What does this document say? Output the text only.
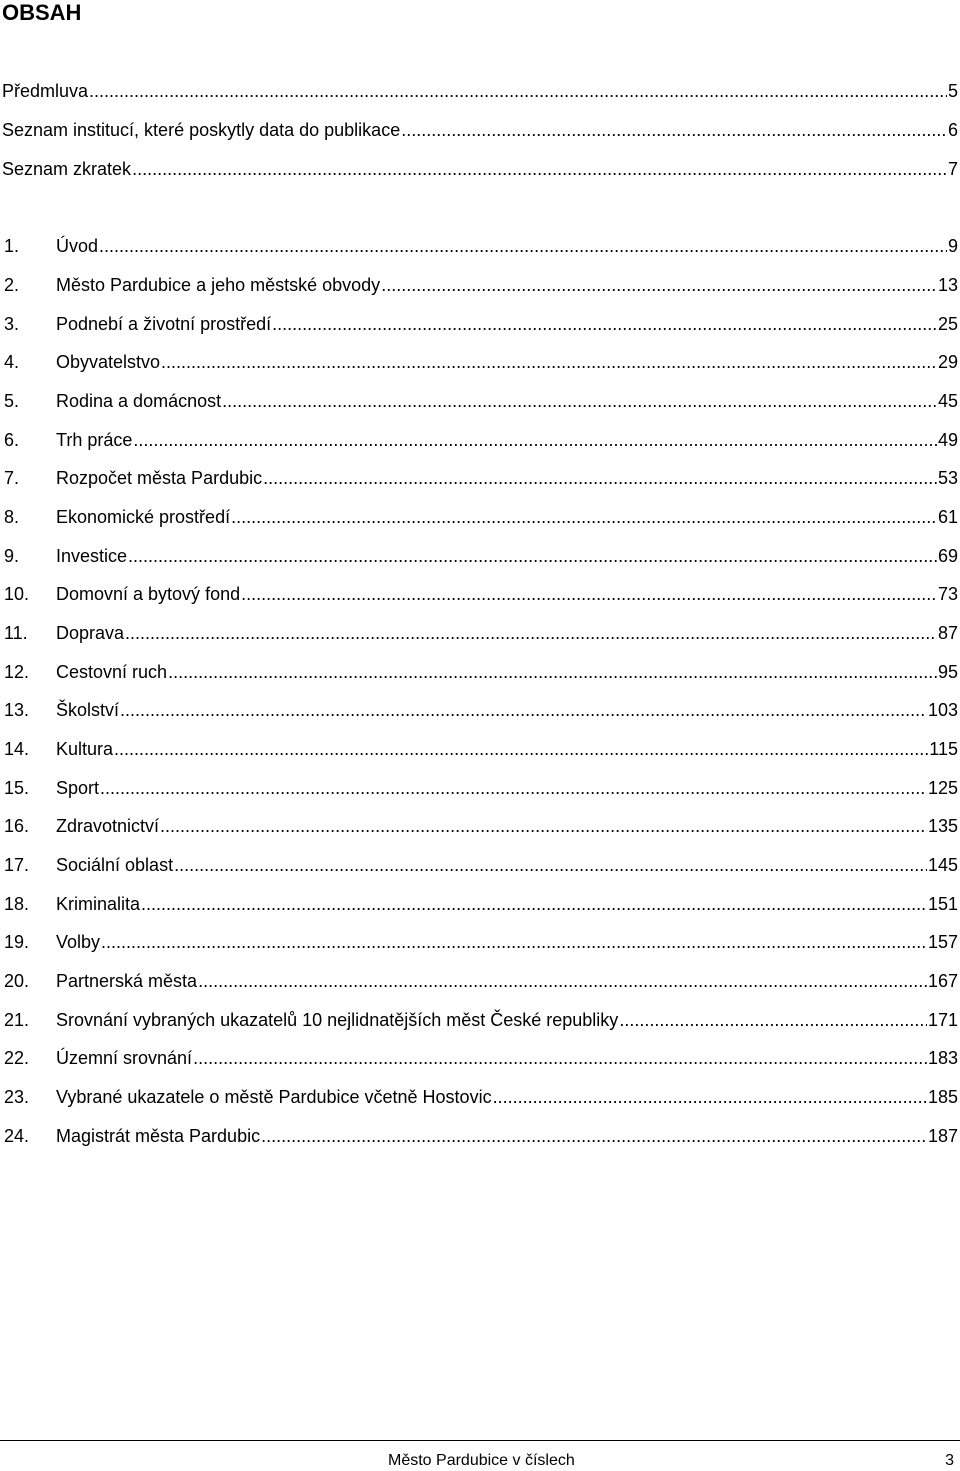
OBSAH
Předmluva .....	5
Seznam institucí, které poskytly data do publikace .....	6
Seznam zkratek .....	7
1.	Úvod .....	9
2.	Město Pardubice a jeho městské obvody .....	13
3.	Podnebí a životní prostředí .....	25
4.	Obyvatelstvo .....	29
5.	Rodina a domácnost .....	45
6.	Trh práce .....	49
7.	Rozpočet města Pardubic .....	53
8.	Ekonomické prostředí .....	61
9.	Investice .....	69
10.	Domovní a bytový fond .....	73
11.	Doprava .....	87
12.	Cestovní ruch .....	95
13.	Školství .....	103
14.	Kultura .....	115
15.	Sport .....	125
16.	Zdravotnictví .....	135
17.	Sociální oblast .....	145
18.	Kriminalita .....	151
19.	Volby .....	157
20.	Partnerská města .....	167
21.	Srovnání vybraných ukazatelů 10 nejlidnatějších měst České republiky .....	171
22.	Územní srovnání .....	183
23.	Vybrané ukazatele o městě Pardubice včetně Hostovic .....	185
24.	Magistrát města Pardubic .....	187
Město Pardubice v číslech	3
